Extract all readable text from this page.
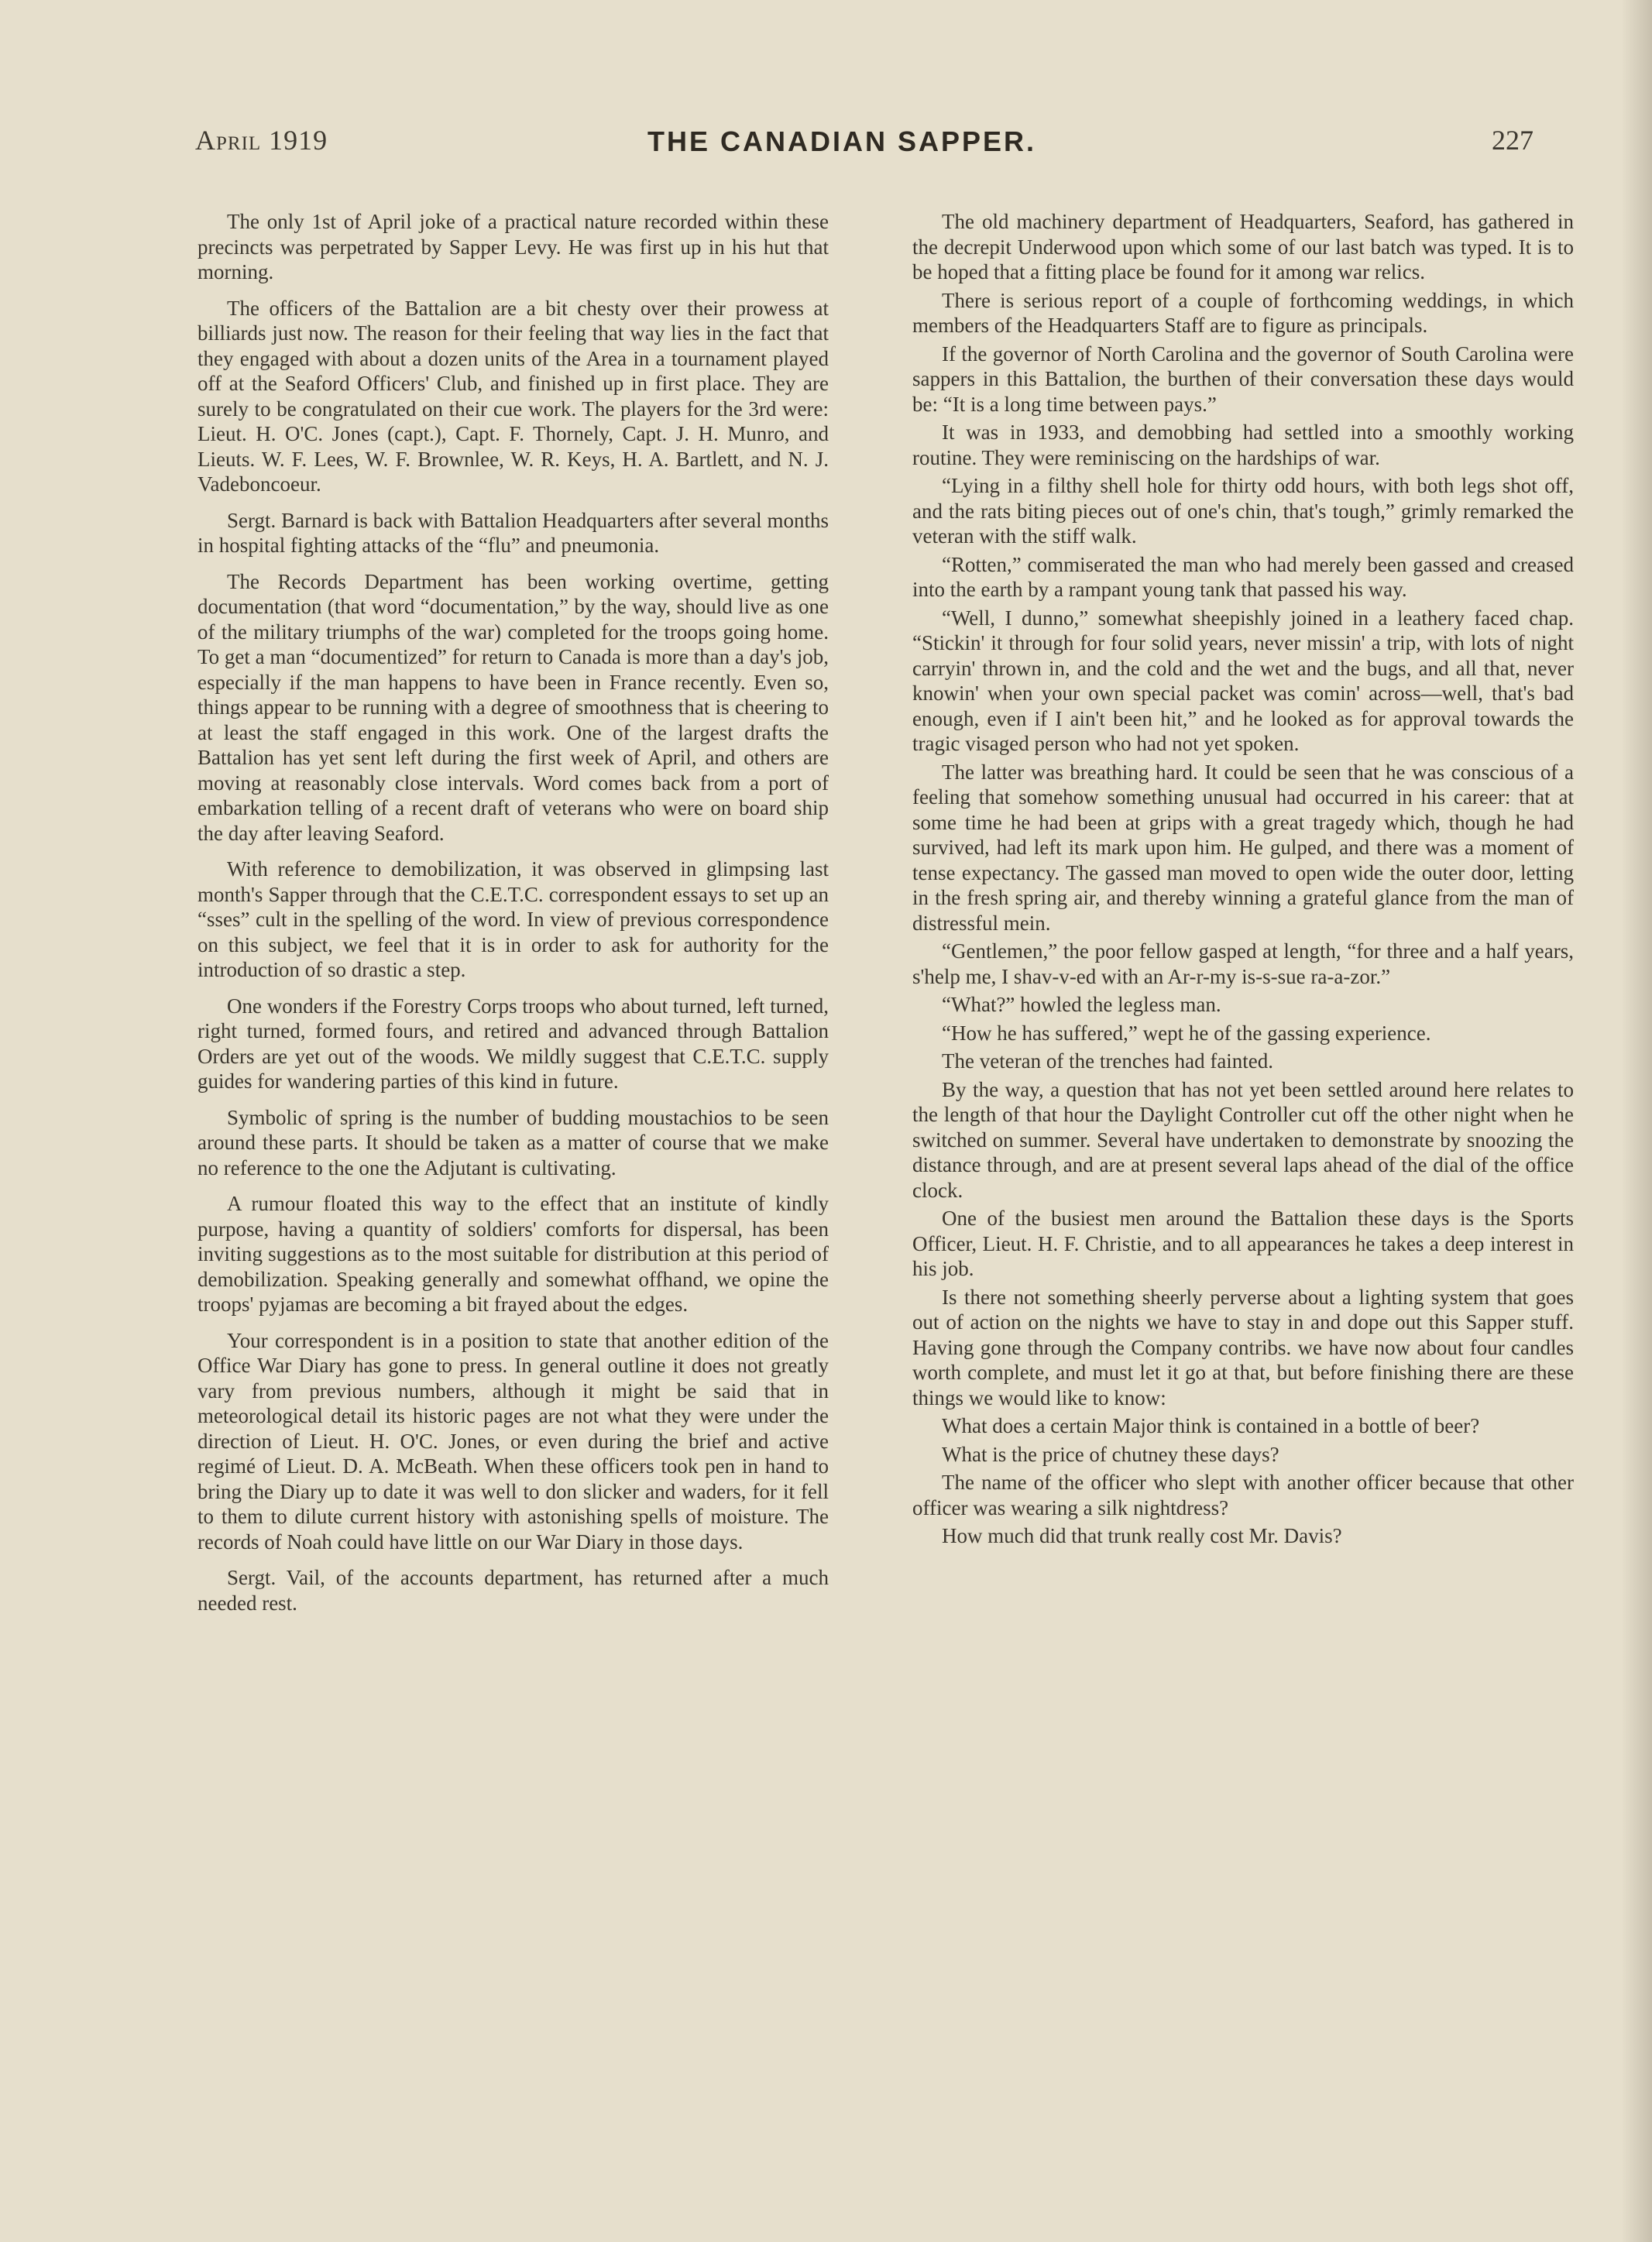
April 1919	THE CANADIAN SAPPER.	227

The only 1st of April joke of a practical nature recorded within these precincts was perpetrated by Sapper Levy. He was first up in his hut that morning.

The officers of the Battalion are a bit chesty over their prowess at billiards just now. The reason for their feeling that way lies in the fact that they engaged with about a dozen units of the Area in a tournament played off at the Seaford Officers' Club, and finished up in first place. They are surely to be congratulated on their cue work. The players for the 3rd were: Lieut. H. O'C. Jones (capt.), Capt. F. Thornely, Capt. J. H. Munro, and Lieuts. W. F. Lees, W. F. Brownlee, W. R. Keys, H. A. Bartlett, and N. J. Vadeboncoeur.

Sergt. Barnard is back with Battalion Headquarters after several months in hospital fighting attacks of the “flu” and pneumonia.

The Records Department has been working overtime, getting documentation (that word “documentation,” by the way, should live as one of the military triumphs of the war) completed for the troops going home. To get a man “documentized” for return to Canada is more than a day's job, especially if the man happens to have been in France recently. Even so, things appear to be running with a degree of smoothness that is cheering to at least the staff engaged in this work. One of the largest drafts the Battalion has yet sent left during the first week of April, and others are moving at reasonably close intervals. Word comes back from a port of embarkation telling of a recent draft of veterans who were on board ship the day after leaving Seaford.

With reference to demobilization, it was observed in glimpsing last month's Sapper through that the C.E.T.C. correspondent essays to set up an “sses” cult in the spelling of the word. In view of previous correspondence on this subject, we feel that it is in order to ask for authority for the introduction of so drastic a step.

One wonders if the Forestry Corps troops who about turned, left turned, right turned, formed fours, and retired and advanced through Battalion Orders are yet out of the woods. We mildly suggest that C.E.T.C. supply guides for wandering parties of this kind in future.

Symbolic of spring is the number of budding moustachios to be seen around these parts. It should be taken as a matter of course that we make no reference to the one the Adjutant is cultivating.

A rumour floated this way to the effect that an institute of kindly purpose, having a quantity of soldiers' comforts for dispersal, has been inviting suggestions as to the most suitable for distribution at this period of demobilization. Speaking generally and somewhat offhand, we opine the troops' pyjamas are becoming a bit frayed about the edges.

Your correspondent is in a position to state that another edition of the Office War Diary has gone to press. In general outline it does not greatly vary from previous numbers, although it might be said that in meteorological detail its historic pages are not what they were under the direction of Lieut. H. O'C. Jones, or even during the brief and active regimé of Lieut. D. A. McBeath. When these officers took pen in hand to bring the Diary up to date it was well to don slicker and waders, for it fell to them to dilute current history with astonishing spells of moisture. The records of Noah could have little on our War Diary in those days.

Sergt. Vail, of the accounts department, has returned after a much needed rest.

The old machinery department of Headquarters, Seaford, has gathered in the decrepit Underwood upon which some of our last batch was typed. It is to be hoped that a fitting place be found for it among war relics.

There is serious report of a couple of forthcoming weddings, in which members of the Headquarters Staff are to figure as principals.

If the governor of North Carolina and the governor of South Carolina were sappers in this Battalion, the burthen of their conversation these days would be: “It is a long time between pays.”

It was in 1933, and demobbing had settled into a smoothly working routine. They were reminiscing on the hardships of war.

“Lying in a filthy shell hole for thirty odd hours, with both legs shot off, and the rats biting pieces out of one's chin, that's tough,” grimly remarked the veteran with the stiff walk.

“Rotten,” commiserated the man who had merely been gassed and creased into the earth by a rampant young tank that passed his way.

“Well, I dunno,” somewhat sheepishly joined in a leathery faced chap. “Stickin' it through for four solid years, never missin' a trip, with lots of night carryin' thrown in, and the cold and the wet and the bugs, and all that, never knowin' when your own special packet was comin' across—well, that's bad enough, even if I ain't been hit,” and he looked as for approval towards the tragic visaged person who had not yet spoken.

The latter was breathing hard. It could be seen that he was conscious of a feeling that somehow something unusual had occurred in his career: that at some time he had been at grips with a great tragedy which, though he had survived, had left its mark upon him. He gulped, and there was a moment of tense expectancy. The gassed man moved to open wide the outer door, letting in the fresh spring air, and thereby winning a grateful glance from the man of distressful mein.

“Gentlemen,” the poor fellow gasped at length, “for three and a half years, s'help me, I shav-v-ed with an Ar-r-my is-s-sue ra-a-zor.”

“What?” howled the legless man.

“How he has suffered,” wept he of the gassing experience.

The veteran of the trenches had fainted.

By the way, a question that has not yet been settled around here relates to the length of that hour the Daylight Controller cut off the other night when he switched on summer. Several have undertaken to demonstrate by snoozing the distance through, and are at present several laps ahead of the dial of the office clock.

One of the busiest men around the Battalion these days is the Sports Officer, Lieut. H. F. Christie, and to all appearances he takes a deep interest in his job.

Is there not something sheerly perverse about a lighting system that goes out of action on the nights we have to stay in and dope out this Sapper stuff. Having gone through the Company contribs. we have now about four candles worth complete, and must let it go at that, but before finishing there are these things we would like to know:

What does a certain Major think is contained in a bottle of beer?

What is the price of chutney these days?

The name of the officer who slept with another officer because that other officer was wearing a silk nightdress?

How much did that trunk really cost Mr. Davis?
